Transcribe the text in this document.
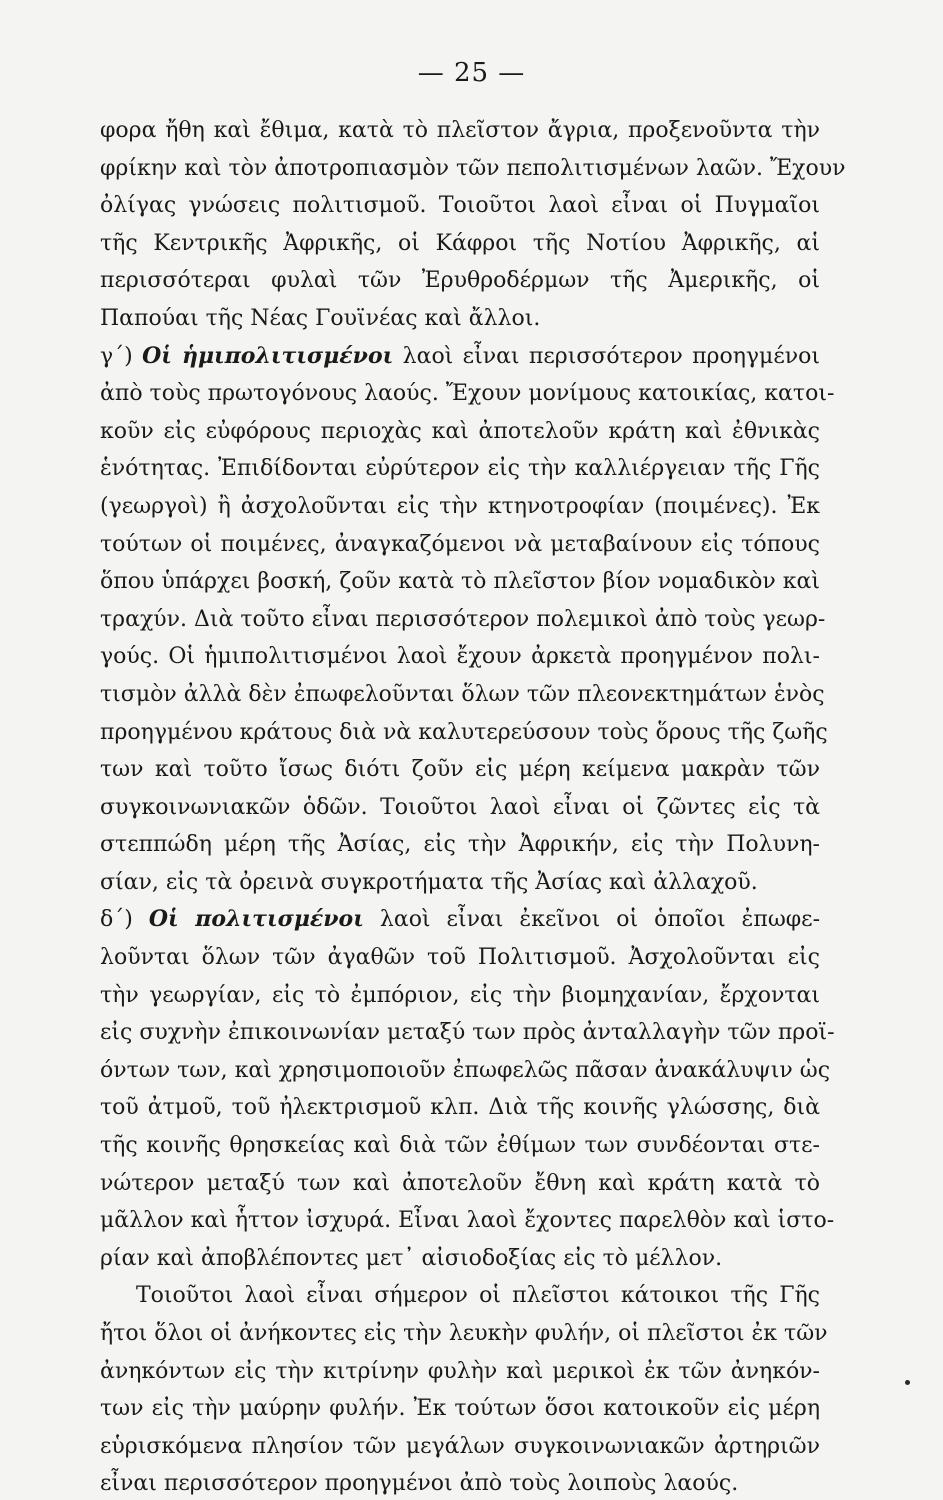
— 25 —
φορα ἤθη καὶ ἔθιμα, κατὰ τὸ πλεῖστον ἄγρια, προξενοῦντα τὴν
φρίκην καὶ τὸν ἀποτροπιασμὸν τῶν πεπολιτισμένων λαῶν. Ἔχουν
ὀλίγας γνώσεις πολιτισμοῦ. Τοιοῦτοι λαοὶ εἶναι οἱ Πυγμαῖοι
τῆς Κεντρικῆς Ἀφρικῆς, οἱ Κάφροι τῆς Νοτίου Ἀφρικῆς, αἱ
περισσότεραι φυλαὶ τῶν Ἐρυθροδέρμων τῆς Ἀμερικῆς, οἱ
Παπούαι τῆς Νέας Γουϊνέας καὶ ἄλλοι.
γ΄) Οἱ ἡμιπολιτισμένοι λαοὶ εἶναι περισσότερον προηγμένοι
ἀπὸ τοὺς πρωτογόνους λαούς. Ἔχουν μονίμους κατοικίας, κατοι-
κοῦν εἰς εὐφόρους περιοχὰς καὶ ἀποτελοῦν κράτη καὶ ἐθνικὰς
ἑνότητας. Ἐπιδίδονται εὐρύτερον εἰς τὴν καλλιέργειαν τῆς Γῆς
(γεωργοὶ) ἢ ἀσχολοῦνται εἰς τὴν κτηνοτροφίαν (ποιμένες). Ἐκ
τούτων οἱ ποιμένες, ἀναγκαζόμενοι νὰ μεταβαίνουν εἰς τόπους
ὅπου ὑπάρχει βοσκή, ζοῦν κατὰ τὸ πλεῖστον βίον νομαδικὸν καὶ
τραχύν. Διὰ τοῦτο εἶναι περισσότερον πολεμικοὶ ἀπὸ τοὺς γεωρ-
γούς. Οἱ ἡμιπολιτισμένοι λαοὶ ἔχουν ἀρκετὰ προηγμένον πολι-
τισμὸν ἀλλὰ δὲν ἐπωφελοῦνται ὅλων τῶν πλεονεκτημάτων ἑνὸς
προηγμένου κράτους διὰ νὰ καλυτερεύσουν τοὺς ὅρους τῆς ζωῆς
των καὶ τοῦτο ἴσως διότι ζοῦν εἰς μέρη κείμενα μακρὰν τῶν
συγκοινωνιακῶν ὁδῶν. Τοιοῦτοι λαοὶ εἶναι οἱ ζῶντες εἰς τὰ
στεππώδη μέρη τῆς Ἀσίας, εἰς τὴν Ἀφρικήν, εἰς τὴν Πολυνη-
σίαν, εἰς τὰ ὀρεινὰ συγκροτήματα τῆς Ἀσίας καὶ ἀλλαχοῦ.
δ΄) Οἱ πολιτισμένοι λαοὶ εἶναι ἐκεῖνοι οἱ ὁποῖοι ἐπωφε-
λοῦνται ὅλων τῶν ἀγαθῶν τοῦ Πολιτισμοῦ. Ἀσχολοῦνται εἰς
τὴν γεωργίαν, εἰς τὸ ἐμπόριον, εἰς τὴν βιομηχανίαν, ἔρχονται
εἰς συχνὴν ἐπικοινωνίαν μεταξύ των πρὸς ἀνταλλαγὴν τῶν προϊ-
όντων των, καὶ χρησιμοποιοῦν ἐπωφελῶς πᾶσαν ἀνακάλυψιν ὡς
τοῦ ἀτμοῦ, τοῦ ἠλεκτρισμοῦ κλπ. Διὰ τῆς κοινῆς γλώσσης, διὰ
τῆς κοινῆς θρησκείας καὶ διὰ τῶν ἐθίμων των συνδέονται στε-
νώτερον μεταξύ των καὶ ἀποτελοῦν ἔθνη καὶ κράτη κατὰ τὸ
μᾶλλον καὶ ἧττον ἰσχυρά. Εἶναι λαοὶ ἔχοντες παρελθὸν καὶ ἱστο-
ρίαν καὶ ἀποβλέποντες μετ᾽ αἰσιοδοξίας εἰς τὸ μέλλον.
Τοιοῦτοι λαοὶ εἶναι σήμερον οἱ πλεῖστοι κάτοικοι τῆς Γῆς
ἤτοι ὅλοι οἱ ἀνήκοντες εἰς τὴν λευκὴν φυλήν, οἱ πλεῖστοι ἐκ τῶν
ἀνηκόντων εἰς τὴν κιτρίνην φυλὴν καὶ μερικοὶ ἐκ τῶν ἀνηκόν-
των εἰς τὴν μαύρην φυλήν. Ἐκ τούτων ὅσοι κατοικοῦν εἰς μέρη
εὑρισκόμενα πλησίον τῶν μεγάλων συγκοινωνιακῶν ἀρτηριῶν
εἶναι περισσότερον προηγμένοι ἀπὸ τοὺς λοιποὺς λαούς.
